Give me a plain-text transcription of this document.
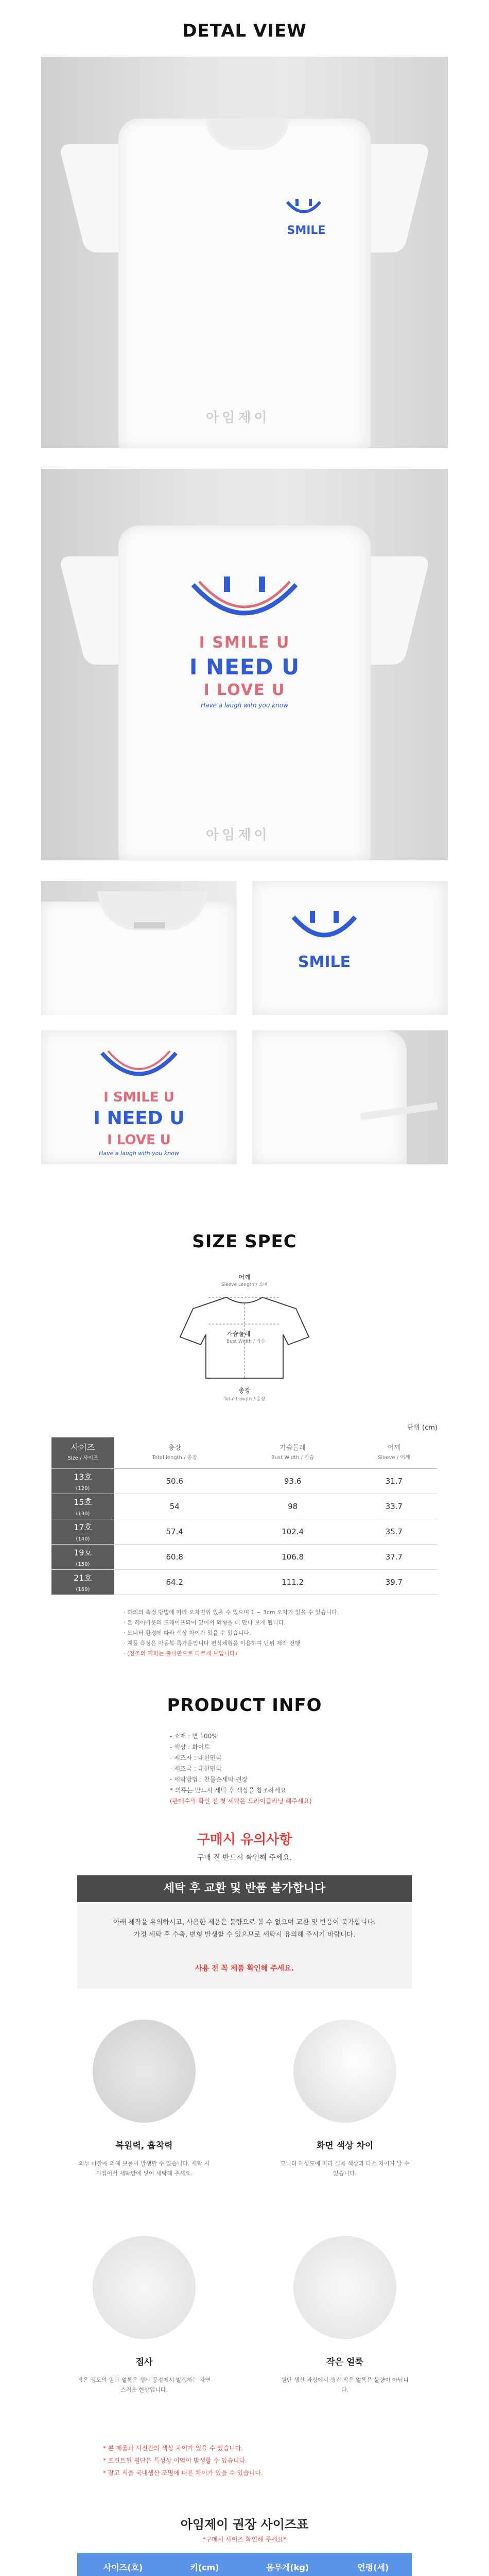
DETAL VIEW
SMILE
아임제이
I SMILE U
I NEED U
I LOVE U
Have a laugh with you know
아임제이
SMILE
I SMILE U
I NEED U
I LOVE U
Have a laugh with you know
SIZE SPEC
어깨
Sleeve Length / 소매
가슴둘레
Bust Width / 가슴
총장
Total Length / 총장
단위 (cm)
사이즈
Size / 사이즈	총장
Total length / 총장	가슴둘레
Bust Width / 가슴	어깨
Sleeve / 어깨
13호
(120)	50.6	93.6	31.7
15호
(130)	54	98	33.7
17호
(140)	57.4	102.4	35.7
19호
(150)	60.8	106.8	37.7
21호
(160)	64.2	111.2	39.7
· 하의의 측정 방법에 따라 오차범위 있을 수 있으며 1 ~ 3cm 오차가 있을 수 있습니다.
· 본 레이아웃의 드레이프되어 있어서 외형을 더 만나 보게 됩니다.
· 모니터 환경에 따라 색상 차이가 있을 수 있습니다.
· 제품 측정은 아동복 특가운입니다 편식체형을 이용하여 단위 제작 진행
· (전조의 지퍼는 출미판으로 다르게 보입니다)
PRODUCT INFO
- 소재 : 면 100%
- 색상 : 화이트
- 제조자 : 대한민국
- 제조국 : 대한민국
- 세탁방법 : 찬물손세탁 권장
* 의류는 반드시 세탁 후 색상을 참조하세요
(판매수익 확인 전 첫 세탁은 드라이클리닝 해주세요)
구매시 유의사항
구매 전 반드시 확인해 주세요.
세탁 후 교환 및 반품 불가합니다
아래 제작을 유의하시고, 사용한 제품은 불량으로 볼 수 없으며 교환 및 반품이 불가합니다. 가정 세탁 후 수축, 변형 발생할 수 있으므로 세탁시 유의해 주시기 바랍니다.
사용 전 꼭 제품 확인해 주세요.
복원력, 흡착력
외부 마찰에 의해 보풀이 발생할 수 있습니다. 세탁 시 뒤집어서 세탁망에 넣어 세탁해 주세요.
화면 색상 차이
모니터 해상도에 따라 실제 색상과 다소 차이가 날 수 있습니다.
접사
작은 정도의 원단 얼룩은 생산 공정에서 발생하는 자연스러운 현상입니다.
작은 얼룩
원단 생산 과정에서 생긴 작은 얼룩은 불량이 아닙니다.
* 본 제품과 사진간의 색상 차이가 있을 수 있습니다.
* 프린트된 원단은 특성상 이염이 발생할 수 있습니다.
* 잘고 서울 국내생산 조명에 따른 차이가 있을 수 있습니다.
아임제이 권장 사이즈표
*구매시 사이즈 확인해 주세요*
사이즈(호)	키(cm)	몸무게(kg)	연령(세)
